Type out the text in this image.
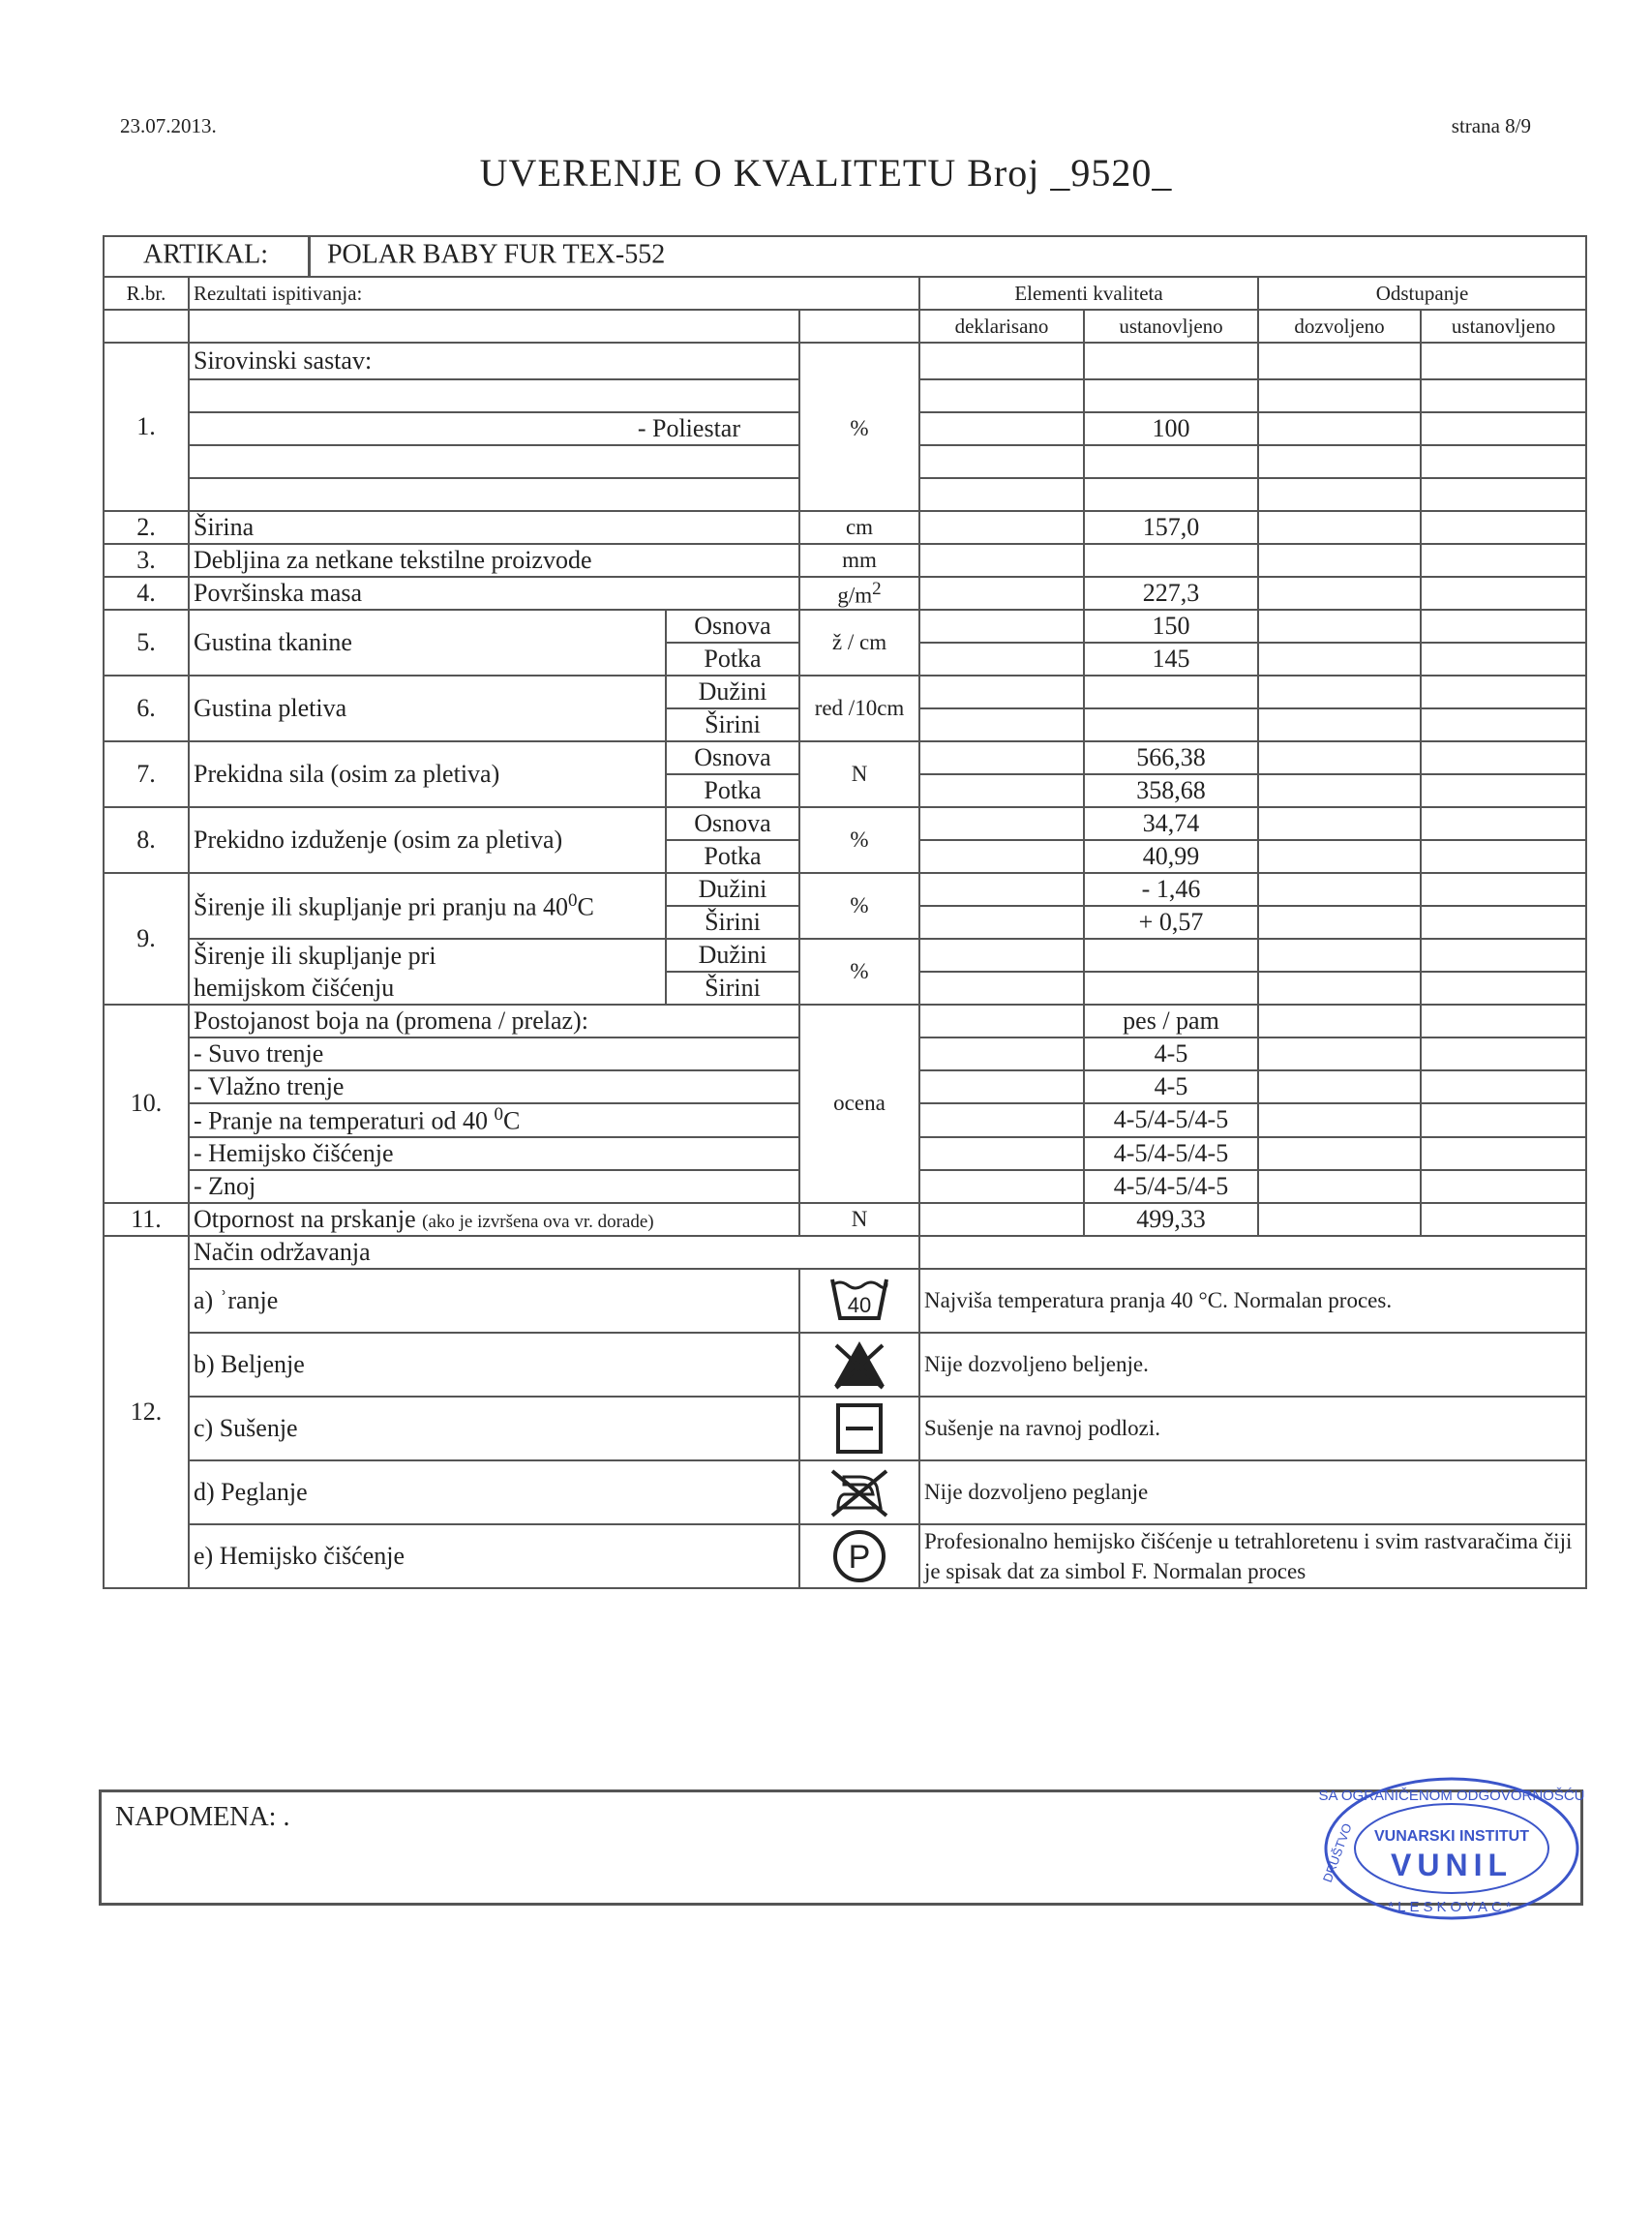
23.07.2013.	strana 8/9
UVERENJE O KVALITETU Broj _9520_
ARTIKAL: POLAR BABY FUR TEX-552							
R.br.	Rezultati ispitivanja:			Elementi kvaliteta		Odstupanje	
				deklarisano	ustanovljeno	dozvoljeno	ustanovljeno
1.	Sirovinski sastav:		%				

	- Poliestar				100		

2.	Širina		cm		157,0		
3.	Debljina za netkane tekstilne proizvode		mm				
4.	Površinska masa		$g/m^2$		227,3		
5.	Gustina tkanine	Osnova	ž / cm		150		
		Potka			145		
6.	Gustina pletiva	Dužini	red /10cm				
		Širini					
7.	Prekidna sila (osim za pletiva)	Osnova	N		566,38		
		Potka			358,68		
8.	Prekidno izduženje (osim za pletiva)	Osnova	%		34,74		
		Potka			40,99		
9.	Širenje ili skupljanje pri pranju na $40^0C$	Dužini	%		- 1,46		
		Širini			+ 0,57		
	Širenje ili skupljanje pri	Dužini	%				
	hemijskom čišćenju	Širini					
10.	Postojanost boja na (promena / prelaz):		ocena		pes / pam		
	- Suvo trenje				4-5		
	- Vlažno trenje				4-5		
	- Pranje na temperaturi od 40 $^0$C				4-5/4-5/4-5		
	- Hemijsko čišćenje				4-5/4-5/4-5		
	- Znoj				4-5/4-5/4-5		
11.	Otpornost na prskanje (ako je izvršena ova vr. dorade)		N		499,33		
12.	Način održavanja						
	a) ʾranje		40	Najviša temperatura pranja 40 °C. Normalan proces.			
	b) Beljenje			Nije dozvoljeno beljenje.			
	c) Sušenje			Sušenje na ravnoj podlozi.			
	d) Peglanje			Nije dozvoljeno peglanje			
	e) Hemijsko čišćenje		P	Profesionalno hemijsko čišćenje u tetrahloretenu i svim rastvaračima čiji je spisak dat za simbol F. Normalan proces			
NAPOMENA: .
SA OGRANIČENOM ODGOVORNOŠĆU
DRUŠTVO VUNARSKI INSTITUT
VUNIL
*LESKOVAC*
